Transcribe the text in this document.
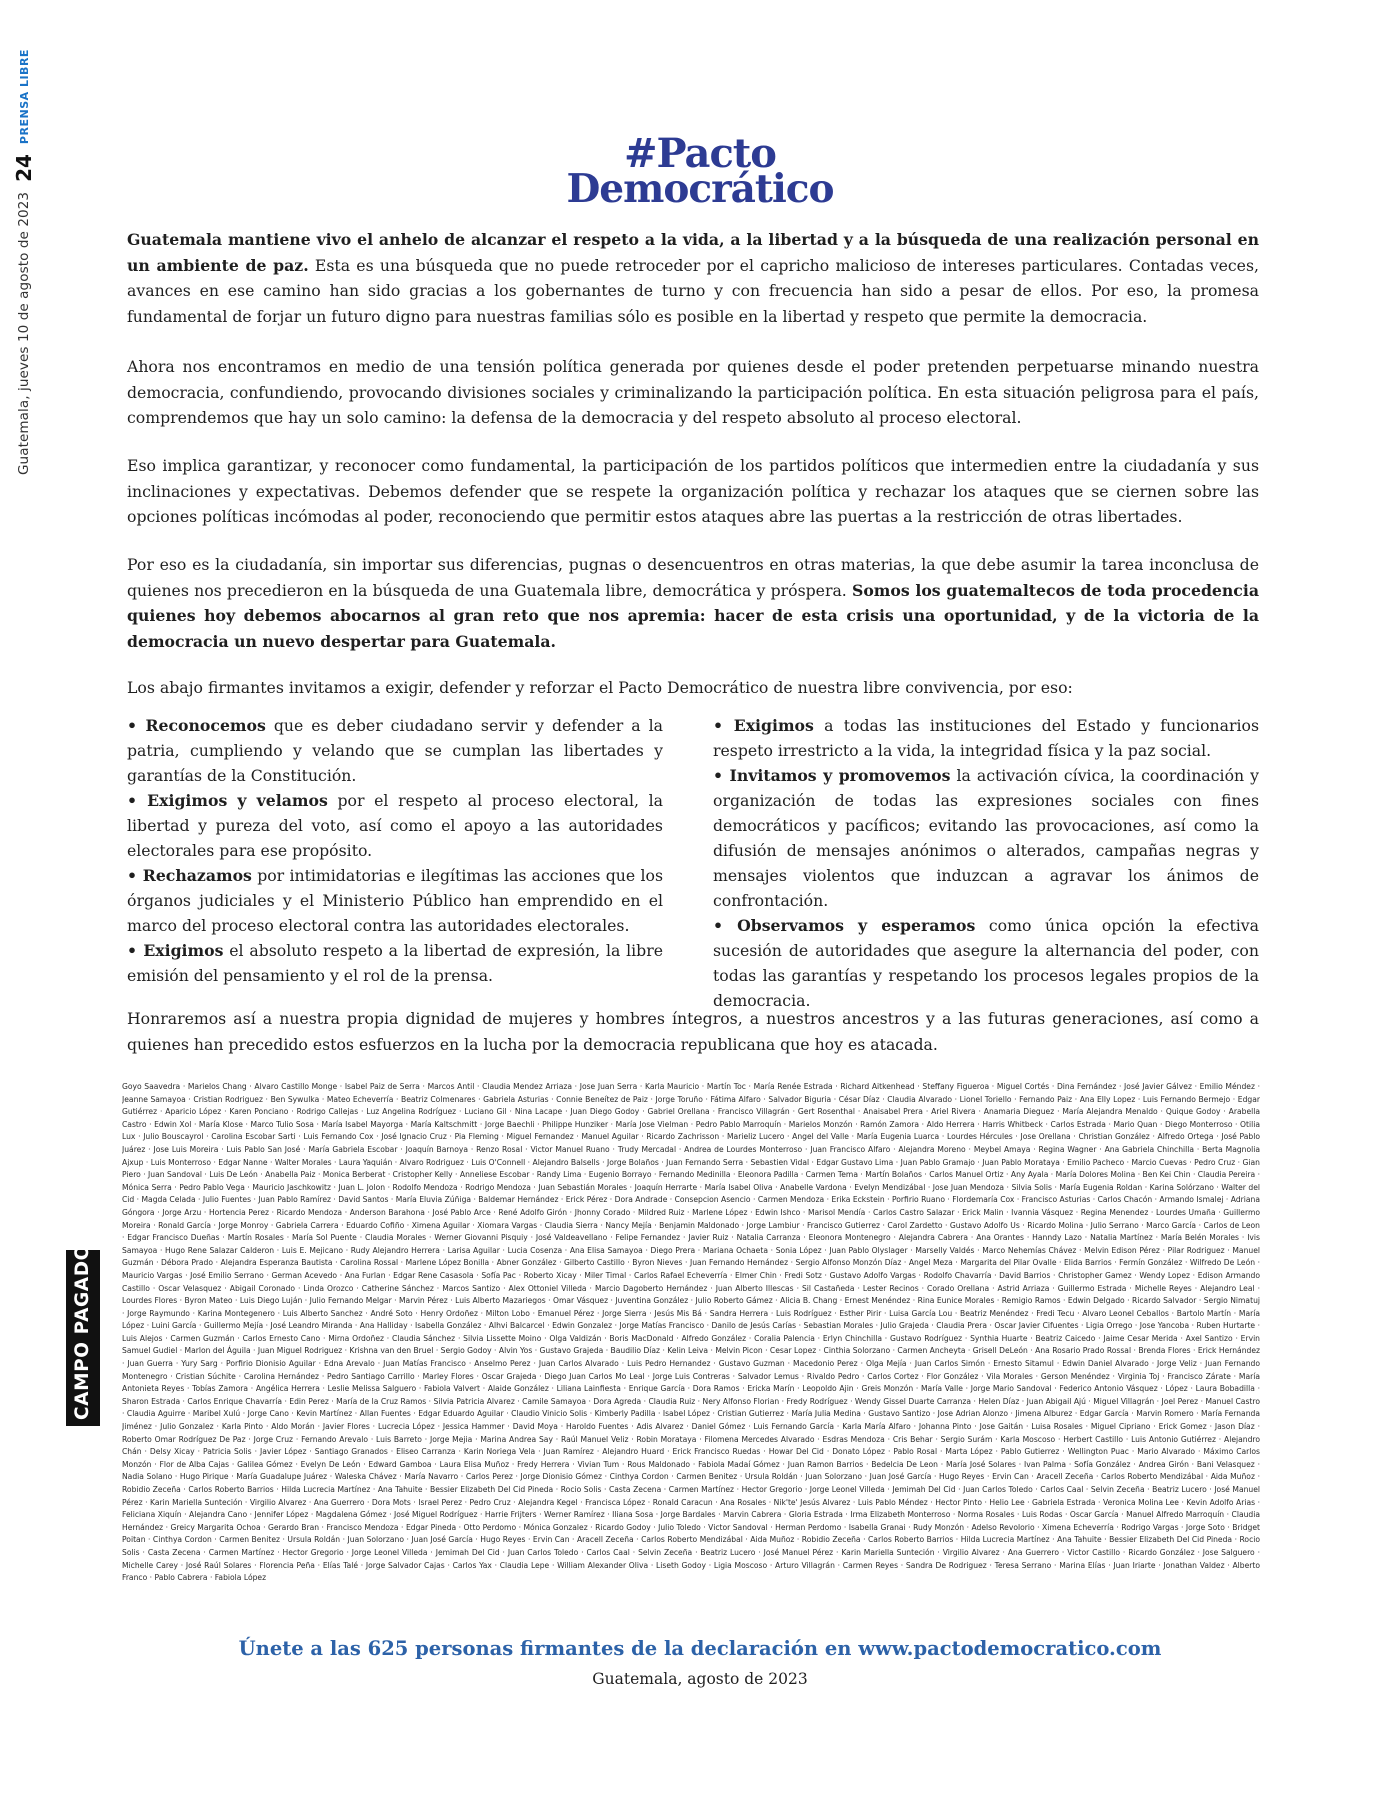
Guatemala, jueves 10 de agosto de 2023
24
PRENSA LIBRE
CAMPO PAGADO
#Pacto
Democrático

Guatemala mantiene vivo el anhelo de alcanzar el respeto a la vida, a la libertad y a la búsqueda de una realización personal en un ambiente de paz. Esta es una búsqueda que no puede retroceder por el capricho malicioso de intereses particulares. Contadas veces, avances en ese camino han sido gracias a los gobernantes de turno y con frecuencia han sido a pesar de ellos. Por eso, la promesa fundamental de forjar un futuro digno para nuestras familias sólo es posible en la libertad y respeto que permite la democracia.

Ahora nos encontramos en medio de una tensión política generada por quienes desde el poder pretenden perpetuarse minando nuestra democracia, confundiendo, provocando divisiones sociales y criminalizando la participación política. En esta situación peligrosa para el país, comprendemos que hay un solo camino: la defensa de la democracia y del respeto absoluto al proceso electoral.

Eso implica garantizar, y reconocer como fundamental, la participación de los partidos políticos que intermedien entre la ciudadanía y sus inclinaciones y expectativas. Debemos defender que se respete la organización política y rechazar los ataques que se ciernen sobre las opciones políticas incómodas al poder, reconociendo que permitir estos ataques abre las puertas a la restricción de otras libertades.

Por eso es la ciudadanía, sin importar sus diferencias, pugnas o desencuentros en otras materias, la que debe asumir la tarea inconclusa de quienes nos precedieron en la búsqueda de una Guatemala libre, democrática y próspera. Somos los guatemaltecos de toda procedencia quienes hoy debemos abocarnos al gran reto que nos apremia: hacer de esta crisis una oportunidad, y de la victoria de la democracia un nuevo despertar para Guatemala.

Los abajo firmantes invitamos a exigir, defender y reforzar el Pacto Democrático de nuestra libre convivencia, por eso:

• Reconocemos que es deber ciudadano servir y defender a la patria, cumpliendo y velando que se cumplan las libertades y garantías de la Constitución.

• Exigimos y velamos por el respeto al proceso electoral, la libertad y pureza del voto, así como el apoyo a las autoridades electorales para ese propósito.

• Rechazamos por intimidatorias e ilegítimas las acciones que los órganos judiciales y el Ministerio Público han emprendido en el marco del proceso electoral contra las autoridades electorales.

• Exigimos el absoluto respeto a la libertad de expresión, la libre emisión del pensamiento y el rol de la prensa.

• Exigimos a todas las instituciones del Estado y funcionarios respeto irrestricto a la vida, la integridad física y la paz social.

• Invitamos y promovemos la activación cívica, la coordinación y organización de todas las expresiones sociales con fines democráticos y pacíficos; evitando las provocaciones, así como la difusión de mensajes anónimos o alterados, campañas negras y mensajes violentos que induzcan a agravar los ánimos de confrontación.

• Observamos y esperamos como única opción la efectiva sucesión de autoridades que asegure la alternancia del poder, con todas las garantías y respetando los procesos legales propios de la democracia.

Honraremos así a nuestra propia dignidad de mujeres y hombres íntegros, a nuestros ancestros y a las futuras generaciones, así como a quienes han precedido estos esfuerzos en la lucha por la democracia republicana que hoy es atacada.

Goyo Saavedra · Marielos Chang · Alvaro Castillo Monge · Isabel Paiz de Serra · Marcos Antil · Claudia Mendez Arriaza · Jose Juan Serra · Karla Mauricio · Martín Toc · María Renée Estrada · Richard Aitkenhead · Steffany Figueroa · Miguel Cortés · Dina Fernández · José Javier Gálvez · Emilio Méndez · Jeanne Samayoa · Cristian Rodriguez · Ben Sywulka · Mateo Echeverría · Beatriz Colmenares · Gabriela Asturias · Connie Beneítez de Paiz · Jorge Toruño · Fátima Alfaro · Salvador Biguria · César Díaz · Claudia Alvarado · Lionel Toriello · Fernando Paiz · Ana Elly Lopez · Luis Fernando Bermejo · Edgar Gutiérrez · Aparicio López · Karen Ponciano · Rodrigo Callejas · Luz Angelina Rodríguez · Luciano Gil · Nina Lacape · Juan Diego Godoy · Gabriel Orellana · Francisco Villagrán · Gert Rosenthal · Anaisabel Prera · Ariel Rivera · Anamaria Dieguez · María Alejandra Menaldo · Quique Godoy · Arabella Castro · Edwin Xol · María Klose · Marco Tulio Sosa · María Isabel Mayorga · María Kaltschmitt · Jorge Baechli · Philippe Hunziker · María Jose Vielman · Pedro Pablo Marroquín · Marielos Monzón · Ramón Zamora · Aldo Herrera · Harris Whitbeck · Carlos Estrada · Mario Quan · Diego Monterroso · Otilia Lux · Julio Bouscayrol · Carolina Escobar Sarti · Luis Fernando Cox · José Ignacio Cruz · Pia Fleming · Miguel Fernandez · Manuel Aguilar · Ricardo Zachrisson · Marieliz Lucero · Angel del Valle · María Eugenia Luarca · Lourdes Hércules · Jose Orellana · Christian González · Alfredo Ortega · José Pablo Juárez · Jose Luis Moreira · Luis Pablo San José · María Gabriela Escobar · Joaquín Barnoya · Renzo Rosal · Victor Manuel Ruano · Trudy Mercadal · Andrea de Lourdes Monterroso · Juan Francisco Alfaro · Alejandra Moreno · Meybel Amaya · Regina Wagner · Ana Gabriela Chinchilla · Berta Magnolia Ajxup · Luis Monterroso · Edgar Nanne · Walter Morales · Laura Yaquián · Alvaro Rodriguez · Luis O'Connell · Alejandro Balsells · Jorge Bolaños · Juan Fernando Serra · Sebastien Vidal · Edgar Gustavo Lima · Juan Pablo Gramajo · Juan Pablo Morataya · Emilio Pacheco · Marcio Cuevas · Pedro Cruz · Gian Piero · Juan Sandoval · Luis De León · Anabella Paiz · Monica Berberat · Cristopher Kelly · Anneliese Escobar · Randy Lima · Eugenio Borrayo · Fernando Medinilla · Eleonora Padilla · Carmen Tema · Martín Bolaños · Carlos Manuel Ortiz · Any Ayala · María Dolores Molina · Ben Kei Chin · Claudia Pereira · Mónica Serra · Pedro Pablo Vega · Mauricio Jaschkowitz · Juan L. Jolon · Rodolfo Mendoza · Rodrigo Mendoza · Juan Sebastián Morales · Joaquín Herrarte · María Isabel Oliva · Anabelle Vardona · Evelyn Mendizábal · Jose Juan Mendoza · Silvia Solis · María Eugenia Roldan · Karina Solórzano · Walter del Cid · Magda Celada · Julio Fuentes · Juan Pablo Ramírez · David Santos · María Eluvia Zúñiga · Baldemar Hernández · Erick Pérez · Dora Andrade · Consepcion Asencio · Carmen Mendoza · Erika Eckstein · Porfirio Ruano · Flordemaría Cox · Francisco Asturias · Carlos Chacón · Armando Ismalej · Adriana Góngora · Jorge Arzu · Hortencia Perez · Ricardo Mendoza · Anderson Barahona · José Pablo Arce · René Adolfo Girón · Jhonny Corado · Mildred Ruiz · Marlene López · Edwin Ishco · Marisol Mendía · Carlos Castro Salazar · Erick Malin · Ivannia Vásquez · Regina Menendez · Lourdes Umaña · Guillermo Moreira · Ronald García · Jorge Monroy · Gabriela Carrera · Eduardo Cofiño · Ximena Aguilar · Xiomara Vargas · Claudia Sierra · Nancy Mejía · Benjamin Maldonado · Jorge Lambiur · Francisco Gutierrez · Carol Zardetto · Gustavo Adolfo Us · Ricardo Molina · Julio Serrano · Marco García · Carlos de Leon · Edgar Francisco Dueñas · Martín Rosales · María Sol Puente · Claudia Morales · Werner Giovanni Pisquiy · José Valdeavellano · Felipe Fernandez · Javier Ruiz · Natalia Carranza · Eleonora Montenegro · Alejandra Cabrera · Ana Orantes · Hanndy Lazo · Natalia Martínez · María Belén Morales · Ivis Samayoa · Hugo Rene Salazar Calderon · Luis E. Mejicano · Rudy Alejandro Herrera · Larisa Aguilar · Lucia Cosenza · Ana Elisa Samayoa · Diego Prera · Mariana Ochaeta · Sonia López · Juan Pablo Olyslager · Marselly Valdés · Marco Nehemías Chávez · Melvin Edison Pérez · Pilar Rodriguez · Manuel Guzmán · Débora Prado · Alejandra Esperanza Bautista · Carolina Rossal · Marlene López Bonilla · Abner González · Gilberto Castillo · Byron Nieves · Juan Fernando Hernández · Sergio Alfonso Monzón Díaz · Angel Meza · Margarita del Pilar Ovalle · Elida Barrios · Fermín González · Wilfredo De León · Mauricio Vargas · José Emilio Serrano · German Acevedo · Ana Furlan · Edgar Rene Casasola · Sofía Pac · Roberto Xicay · Miler Timal · Carlos Rafael Echeverría · Elmer Chin · Fredi Sotz · Gustavo Adolfo Vargas · Rodolfo Chavarría · David Barrios · Christopher Gamez · Wendy Lopez · Edison Armando Castillo · Oscar Velasquez · Abigail Coronado · Linda Orozco · Catherine Sánchez · Marcos Santizo · Alex Ottoniel Villeda · Marcio Dagoberto Hernández · Juan Alberto Illescas · Sil Castañeda · Lester Recinos · Corado Orellana · Astrid Arriaza · Guillermo Estrada · Michelle Reyes · Alejandro Leal · Lourdes Flores · Byron Mateo · Luis Diego Luján · Julio Fernando Melgar · Marvin Pérez · Luis Alberto Mazariegos · Omar Vásquez · Juventina González · Julio Roberto Gámez · Alicia B. Chang · Ernest Menéndez · Rina Eunice Morales · Remigio Ramos · Edwin Delgado · Ricardo Salvador · Sergio Nimatuj · Jorge Raymundo · Karina Montegenero · Luis Alberto Sanchez · André Soto · Henry Ordoñez · Milton Lobo · Emanuel Pérez · Jorge Sierra · Jesús Mis Bá · Sandra Herrera · Luis Rodríguez · Esther Pirir · Luisa García Lou · Beatriz Menéndez · Fredi Tecu · Alvaro Leonel Ceballos · Bartolo Martín · María López · Luini García · Guillermo Mejía · José Leandro Miranda · Ana Halliday · Isabella González · Alhvi Balcarcel · Edwin Gonzalez · Jorge Matías Francisco · Danilo de Jesús Carías · Sebastian Morales · Julio Grajeda · Claudia Prera · Oscar Javier Cifuentes · Ligia Orrego · Jose Yancoba · Ruben Hurtarte · Luis Alejos · Carmen Guzmán · Carlos Ernesto Cano · Mirna Ordoñez · Claudia Sánchez · Silvia Lissette Moino · Olga Valdizán · Boris MacDonald · Alfredo González · Coralia Palencia · Erlyn Chinchilla · Gustavo Rodríguez · Synthia Huarte · Beatriz Caicedo · Jaime Cesar Merida · Axel Santizo · Ervin Samuel Gudiel · Marlon del Águila · Juan Miguel Rodriguez · Krishna van den Bruel · Sergio Godoy · Alvin Yos · Gustavo Grajeda · Baudilio Díaz · Kelin Leiva · Melvin Picon · Cesar Lopez · Cinthia Solorzano · Carmen Ancheyta · Grisell DeLeón · Ana Rosario Prado Rossal · Brenda Flores · Erick Hernández · Juan Guerra · Yury Sarg · Porfirio Dionisio Aguilar · Edna Arevalo · Juan Matías Francisco · Anselmo Perez · Juan Carlos Alvarado · Luis Pedro Hernandez · Gustavo Guzman · Macedonio Perez · Olga Mejía · Juan Carlos Simón · Ernesto Sitamul · Edwin Daniel Alvarado · Jorge Veliz · Juan Fernando Montenegro · Cristian Súchite · Carolina Hernández · Pedro Santiago Carrillo · Marley Flores · Oscar Grajeda · Diego Juan Carlos Mo Leal · Jorge Luis Contreras · Salvador Lemus · Rivaldo Pedro · Carlos Cortez · Flor González · Vila Morales · Gerson Menéndez · Virginia Toj · Francisco Zárate · María Antonieta Reyes · Tobías Zamora · Angélica Herrera · Leslie Melissa Salguero · Fabiola Valvert · Alaide González · Liliana Lainfiesta · Enrique García · Dora Ramos · Ericka Marín · Leopoldo Ajin · Greis Monzón · María Valle · Jorge Mario Sandoval · Federico Antonio Vásquez · López · Laura Bobadilla · Sharon Estrada · Carlos Enrique Chavarría · Edin Perez · María de la Cruz Ramos · Silvia Patricia Alvarez · Camile Samayoa · Dora Agreda · Claudia Ruiz · Nery Alfonso Florian · Fredy Rodríguez · Wendy Gissel Duarte Carranza · Helen Díaz · Juan Abigail Ajú · Miguel Villagrán · Joel Perez · Manuel Castro · Claudia Aguirre · Maribel Xulú · Jorge Cano · Kevin Martínez · Allan Fuentes · Edgar Eduardo Aguilar · Claudio Vinicio Solis · Kimberly Padilla · Isabel López · Cristian Gutierrez · María Julia Medina · Gustavo Santizo · Jose Adrian Alonzo · Jimena Alburez · Edgar García · Marvin Romero · María Fernanda Jiménez · Julio Gonzalez · Karla Pinto · Aldo Morán · Javier Flores · Lucrecia López · Jessica Hammer · David Moya · Haroldo Fuentes · Adis Alvarez · Daniel Gómez · Luis Fernando García · Karla María Alfaro · Johanna Pinto · Jose Gaitán · Luisa Rosales · Miguel Cipriano · Erick Gomez · Jason Díaz · Roberto Omar Rodríguez De Paz · Jorge Cruz · Fernando Arevalo · Luis Barreto · Jorge Mejia · Marina Andrea Say · Raúl Manuel Veliz · Robin Morataya · Filomena Mercedes Alvarado · Esdras Mendoza · Cris Behar · Sergio Surám · Karla Moscoso · Herbert Castillo · Luis Antonio Gutiérrez · Alejandro Chán · Delsy Xicay · Patricia Solis · Javier López · Santiago Granados · Eliseo Carranza · Karin Noriega Vela · Juan Ramírez · Alejandro Huard · Erick Francisco Ruedas · Howar Del Cid · Donato López · Pablo Rosal · Marta López · Pablo Gutierrez · Wellington Puac · Mario Alvarado · Máximo Carlos Monzón · Flor de Alba Cajas · Galilea Gómez · Evelyn De León · Edward Gamboa · Laura Elisa Muñoz · Fredy Herrera · Vivian Tum · Rous Maldonado · Fabiola Madaí Gómez · Juan Ramon Barrios · Bedelcia De Leon · María José Solares · Ivan Palma · Sofía González · Andrea Girón · Bani Velasquez · Nadia Solano · Hugo Pirique · María Guadalupe Juárez · Waleska Chávez · María Navarro · Carlos Perez · Jorge Dionisio Gómez · Cinthya Cordon · Carmen Benitez · Ursula Roldán · Juan Solorzano · Juan José García · Hugo Reyes · Ervin Can · Aracell Zeceña · Carlos Roberto Mendizábal · Aida Muñoz · Robidio Zeceña · Carlos Roberto Barrios · Hilda Lucrecia Martínez · Ana Tahuite · Bessier Elizabeth Del Cid Pineda · Rocio Solis · Casta Zecena · Carmen Martínez · Hector Gregorio · Jorge Leonel Villeda · Jemimah Del Cid · Juan Carlos Toledo · Carlos Caal · Selvin Zeceña · Beatriz Lucero · José Manuel Pérez · Karin Mariella Sunteción · Virgilio Alvarez · Ana Guerrero · Dora Mots · Israel Perez · Pedro Cruz · Alejandra Kegel · Francisca López · Ronald Caracun · Ana Rosales · Nik'te' Jesús Alvarez · Luis Pablo Méndez · Hector Pinto · Helio Lee · Gabriela Estrada · Veronica Molina Lee · Kevin Adolfo Arias · Feliciana Xiquín · Alejandra Cano · Jennifer López · Magdalena Gómez · José Miguel Rodríguez · Harrie Frijters · Werner Ramírez · Iliana Sosa · Jorge Bardales · Marvin Cabrera · Gloria Estrada · Irma Elizabeth Monterroso · Norma Rosales · Luis Rodas · Oscar García · Manuel Alfredo Marroquín · Claudia Hernández · Greicy Margarita Ochoa · Gerardo Bran · Francisco Mendoza · Edgar Pineda · Otto Perdomo · Mónica Gonzalez · Ricardo Godoy · Julio Toledo · Victor Sandoval · Herman Perdomo · Isabella Granai · Rudy Monzón · Adelso Revolorio · Ximena Echeverría · Rodrigo Vargas · Jorge Soto · Bridget Poitan · Cinthya Cordon · Carmen Benitez · Ursula Roldán · Juan Solorzano · Juan José García · Hugo Reyes · Ervin Can · Aracell Zeceña · Carlos Roberto Mendizábal · Aida Muñoz · Robidio Zeceña · Carlos Roberto Barrios · Hilda Lucrecia Martínez · Ana Tahuite · Bessier Elizabeth Del Cid Pineda · Rocio Solis · Casta Zecena · Carmen Martínez · Hector Gregorio · Jorge Leonel Villeda · Jemimah Del Cid · Juan Carlos Toledo · Carlos Caal · Selvin Zeceña · Beatriz Lucero · José Manuel Pérez · Karin Mariella Sunteción · Virgilio Alvarez · Ana Guerrero · Victor Castillo · Ricardo González · Jose Salguero · Michelle Carey · José Raúl Solares · Florencia Peña · Elías Talé · Jorge Salvador Cajas · Carlos Yax · Claudia Lepe · William Alexander Oliva · Liseth Godoy · Ligia Moscoso · Arturo Villagrán · Carmen Reyes · Sandra De Rodriguez · Teresa Serrano · Marina Elías · Juan Iriarte · Jonathan Valdez · Alberto Franco · Pablo Cabrera · Fabiola López
Únete a las 625 personas firmantes de la declaración en www.pactodemocratico.com
Guatemala, agosto de 2023
